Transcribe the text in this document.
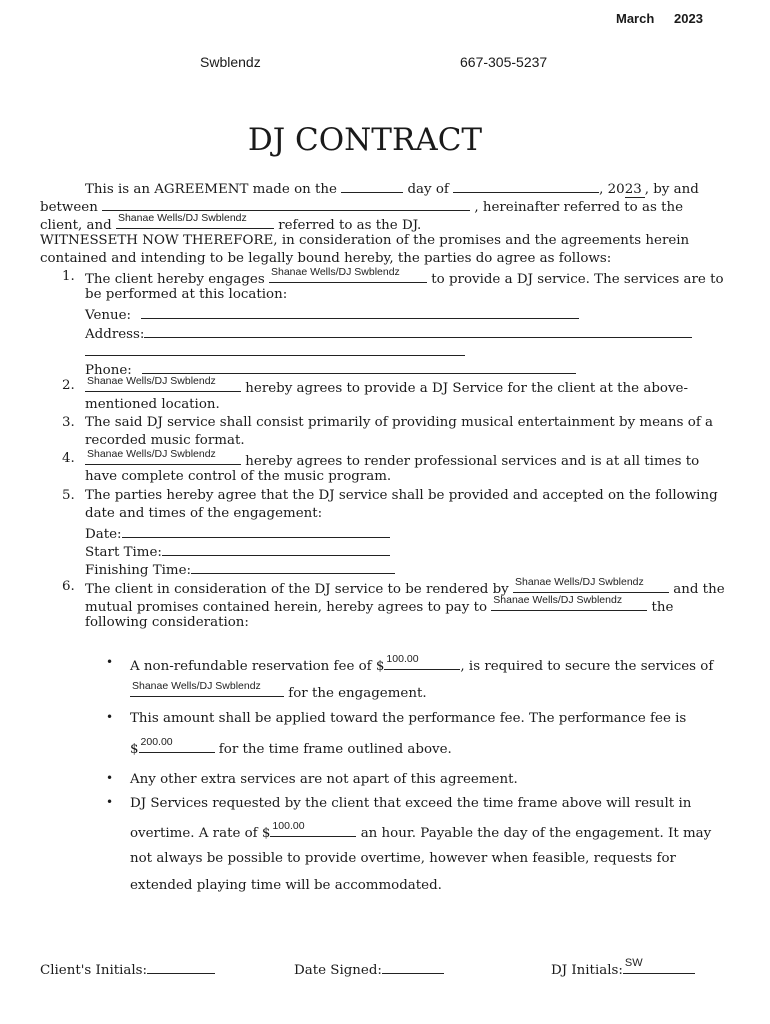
March 2023
Swblendz	667-305-5237
DJ CONTRACT
This is an AGREEMENT made on the	day of	, 2023 , by and
between	, hereinafter referred to as the
client, and Shanae Wells/DJ Swblendz referred to as the DJ.
WITNESSETH NOW THEREFORE, in consideration of the promises and the agreements herein
contained and intending to be legally bound hereby, the parties do agree as follows:
1. The client hereby engages Shanae Wells/DJ Swblendz to provide a DJ service. The services are to
be performed at this location:
Venue:
Address:
Phone:
2. Shanae Wells/DJ Swblendz hereby agrees to provide a DJ Service for the client at the above-
mentioned location.
3. The said DJ service shall consist primarily of providing musical entertainment by means of a
recorded music format.
4. Shanae Wells/DJ Swblendz hereby agrees to render professional services and is at all times to
have complete control of the music program.
5. The parties hereby agree that the DJ service shall be provided and accepted on the following
date and times of the engagement:
Date:
Start Time:
Finishing Time:
6. The client in consideration of the DJ service to be rendered by Shanae Wells/DJ Swblendz and the
mutual promises contained herein, hereby agrees to pay to Shanae Wells/DJ Swblendz the
following consideration:
• A non-refundable reservation fee of $ 100.00	, is required to secure the services of
Shanae Wells/DJ Swblendz for the engagement.
• This amount shall be applied toward the performance fee. The performance fee is
$ 200.00	for the time frame outlined above.
• Any other extra services are not apart of this agreement.
• DJ Services requested by the client that exceed the time frame above will result in
overtime. A rate of $ 100.00	an hour. Payable the day of the engagement. It may
not always be possible to provide overtime, however when feasible, requests for
extended playing time will be accommodated.
Client's Initials:	Date Signed:	DJ Initials: SW
